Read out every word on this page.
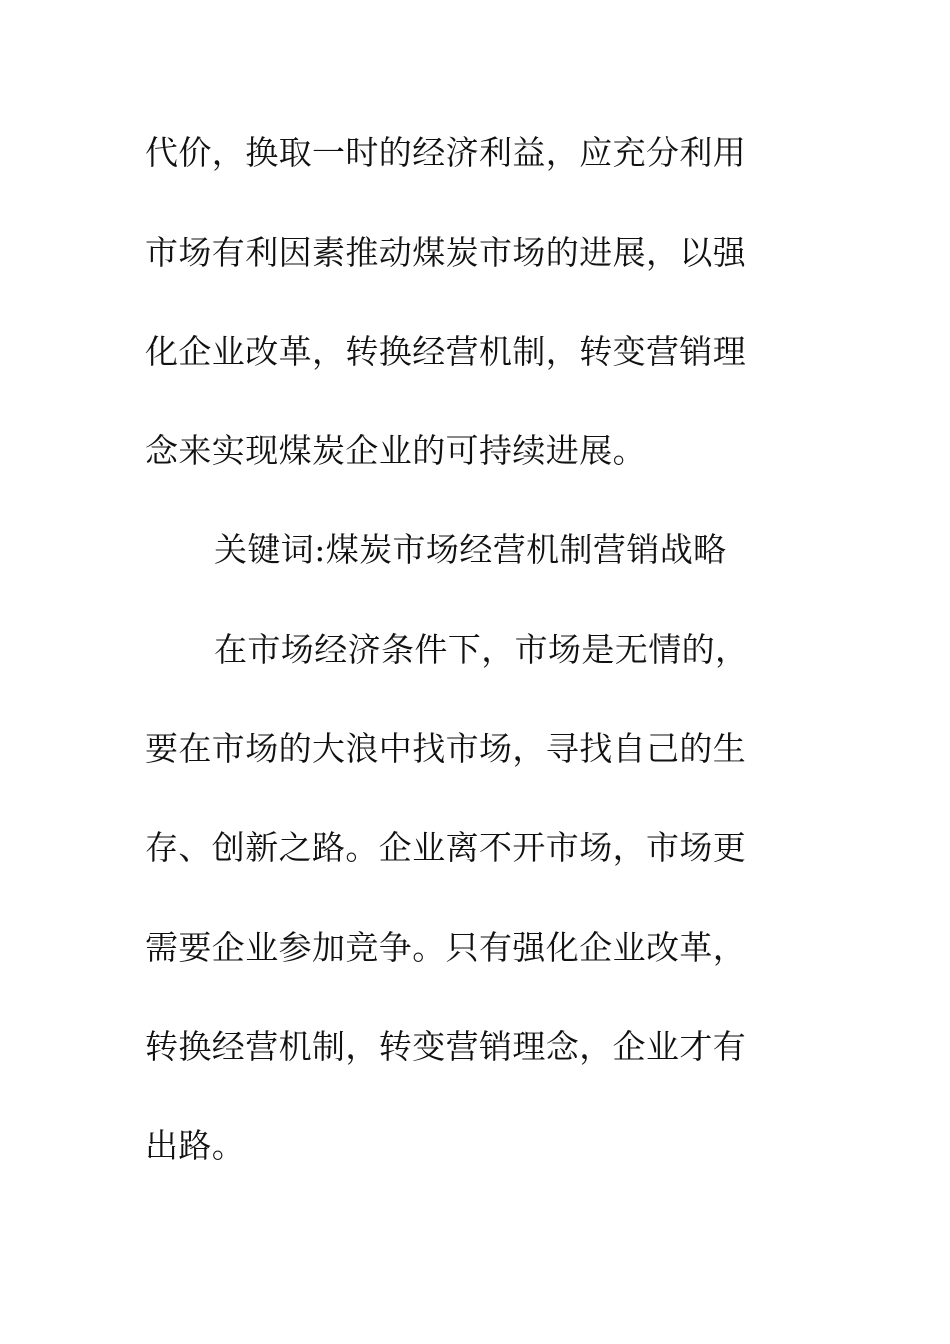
代价，换取一时的经济利益，应充分利用
市场有利因素推动煤炭市场的进展，以强
化企业改革，转换经营机制，转变营销理
念来实现煤炭企业的可持续进展。
关键词:煤炭市场经营机制营销战略
在市场经济条件下，市场是无情的，
要在市场的大浪中找市场，寻找自己的生
存、创新之路。企业离不开市场，市场更
需要企业参加竞争。只有强化企业改革，
转换经营机制，转变营销理念，企业才有
出路。
